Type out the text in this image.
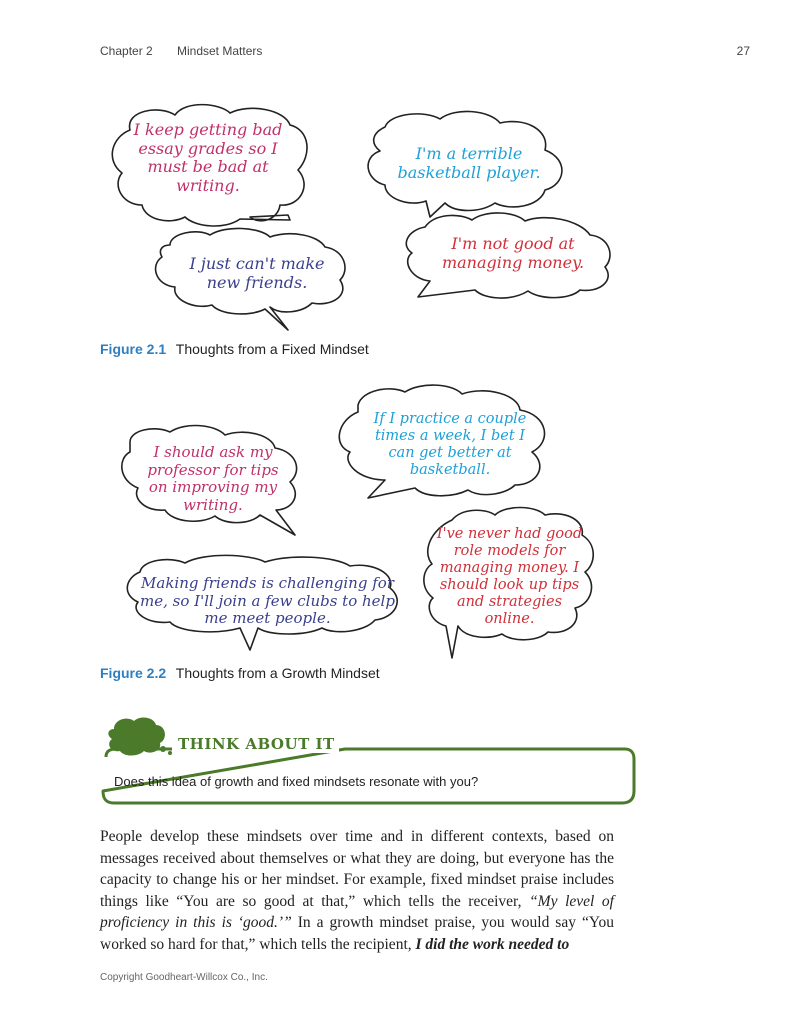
Chapter 2 Mindset Matters	27
I keep getting bad essay grades so I must be bad at writing.
I'm a terrible basketball player.
I just can't make new friends.
I'm not good at managing money.
Figure 2.1 Thoughts from a Fixed Mindset
I should ask my professor for tips on improving my writing.
If I practice a couple times a week, I bet I can get better at basketball.
Making friends is challenging for me, so I'll join a few clubs to help me meet people.
I've never had good role models for managing money. I should look up tips and strategies online.
Figure 2.2 Thoughts from a Growth Mindset
THINK ABOUT IT
Does this idea of growth and fixed mindsets resonate with you?
People develop these mindsets over time and in different contexts, based on messages received about themselves or what they are doing, but everyone has the capacity to change his or her mindset. For example, fixed mindset praise includes things like “You are so good at that,” which tells the receiver, “My level of proficiency in this is ‘good.’” In a growth mindset praise, you would say “You worked so hard for that,” which tells the recipient, I did the work needed to
Copyright Goodheart-Willcox Co., Inc.
